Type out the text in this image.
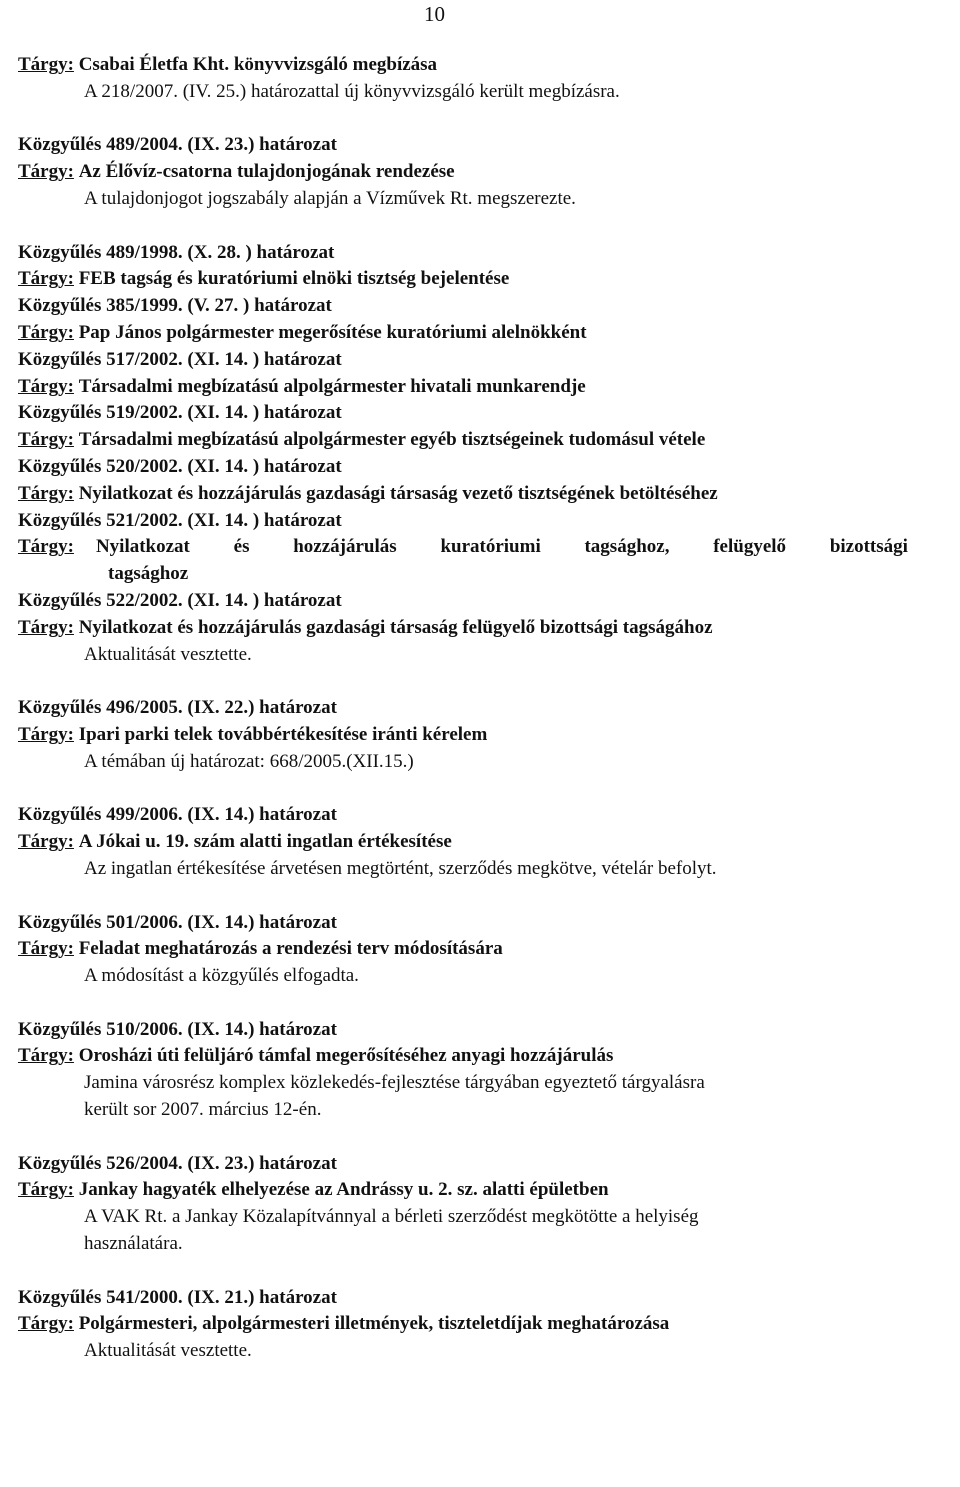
10
Tárgy: Csabai Életfa Kht. könyvvizsgáló megbízása
A 218/2007. (IV. 25.) határozattal új könyvvizsgáló került megbízásra.
Közgyűlés 489/2004. (IX. 23.) határozat
Tárgy: Az Élővíz-csatorna tulajdonjogának rendezése
A tulajdonjogot jogszabály alapján a Vízművek Rt. megszerezte.
Közgyűlés 489/1998. (X. 28. ) határozat
Tárgy: FEB tagság és kuratóriumi elnöki tisztség bejelentése
Közgyűlés 385/1999. (V. 27. ) határozat
Tárgy: Pap János polgármester megerősítése kuratóriumi alelnökként
Közgyűlés 517/2002. (XI. 14. ) határozat
Tárgy: Társadalmi megbízatású alpolgármester hivatali munkarendje
Közgyűlés 519/2002. (XI. 14. ) határozat
Tárgy: Társadalmi megbízatású alpolgármester egyéb tisztségeinek tudomásul vétele
Közgyűlés 520/2002. (XI. 14. ) határozat
Tárgy: Nyilatkozat és hozzájárulás gazdasági társaság vezető tisztségének betöltéséhez
Közgyűlés 521/2002. (XI. 14. ) határozat
Tárgy: Nyilatkozat és hozzájárulás kuratóriumi tagsághoz, felügyelő bizottsági
tagsághoz
Közgyűlés 522/2002. (XI. 14. ) határozat
Tárgy: Nyilatkozat és hozzájárulás gazdasági társaság felügyelő bizottsági tagságához
Aktualitását vesztette.
Közgyűlés 496/2005. (IX. 22.) határozat
Tárgy: Ipari parki telek továbbértékesítése iránti kérelem
A témában új határozat: 668/2005.(XII.15.)
Közgyűlés 499/2006. (IX. 14.) határozat
Tárgy: A Jókai u. 19. szám alatti ingatlan értékesítése
Az ingatlan értékesítése árvetésen megtörtént, szerződés megkötve, vételár befolyt.
Közgyűlés 501/2006. (IX. 14.) határozat
Tárgy: Feladat meghatározás a rendezési terv módosítására
A módosítást a közgyűlés elfogadta.
Közgyűlés 510/2006. (IX. 14.) határozat
Tárgy: Orosházi úti felüljáró támfal megerősítéséhez anyagi hozzájárulás
Jamina városrész komplex közlekedés-fejlesztése tárgyában egyeztető tárgyalásra
került sor 2007. március 12-én.
Közgyűlés 526/2004. (IX. 23.) határozat
Tárgy: Jankay hagyaték elhelyezése az Andrássy u. 2. sz. alatti épületben
A VAK Rt. a Jankay Közalapítvánnyal a bérleti szerződést megkötötte a helyiség
használatára.
Közgyűlés 541/2000. (IX. 21.) határozat
Tárgy: Polgármesteri, alpolgármesteri illetmények, tiszteletdíjak meghatározása
Aktualitását vesztette.
